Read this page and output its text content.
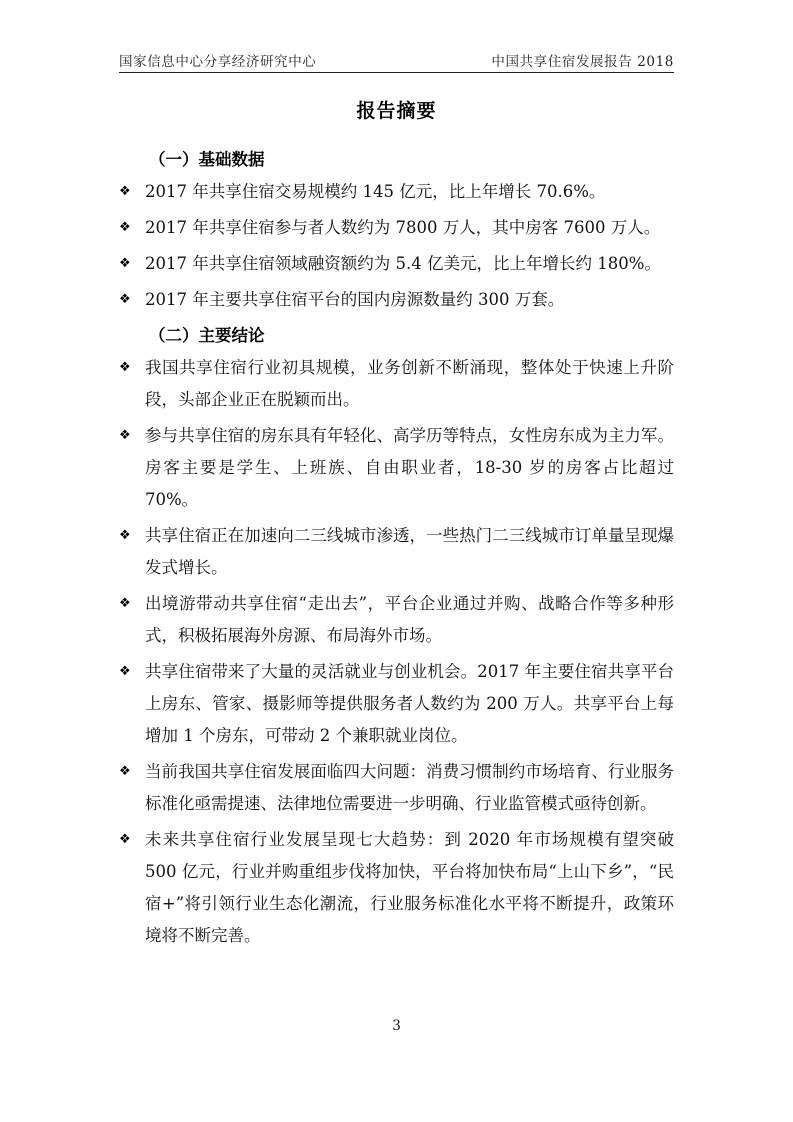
国家信息中心分享经济研究中心	中国共享住宿发展报告 2018
报告摘要
（一）基础数据
❖ 2017 年共享住宿交易规模约 145 亿元，比上年增长 70.6%。
❖ 2017 年共享住宿参与者人数约为 7800 万人，其中房客 7600 万人。
❖ 2017 年共享住宿领域融资额约为 5.4 亿美元，比上年增长约 180%。
❖ 2017 年主要共享住宿平台的国内房源数量约 300 万套。
（二）主要结论
❖ 我国共享住宿行业初具规模，业务创新不断涌现，整体处于快速上升阶段，头部企业正在脱颖而出。
❖ 参与共享住宿的房东具有年轻化、高学历等特点，女性房东成为主力军。房客主要是学生、上班族、自由职业者，18-30 岁的房客占比超过 70%。
❖ 共享住宿正在加速向二三线城市渗透，一些热门二三线城市订单量呈现爆发式增长。
❖ 出境游带动共享住宿“走出去”，平台企业通过并购、战略合作等多种形式，积极拓展海外房源、布局海外市场。
❖ 共享住宿带来了大量的灵活就业与创业机会。2017 年主要住宿共享平台上房东、管家、摄影师等提供服务者人数约为 200 万人。共享平台上每增加 1 个房东，可带动 2 个兼职就业岗位。
❖ 当前我国共享住宿发展面临四大问题：消费习惯制约市场培育、行业服务标准化亟需提速、法律地位需要进一步明确、行业监管模式亟待创新。
❖ 未来共享住宿行业发展呈现七大趋势：到 2020 年市场规模有望突破 500 亿元，行业并购重组步伐将加快，平台将加快布局“上山下乡”，“民宿+”将引领行业生态化潮流，行业服务标准化水平将不断提升，政策环境将不断完善。
3
